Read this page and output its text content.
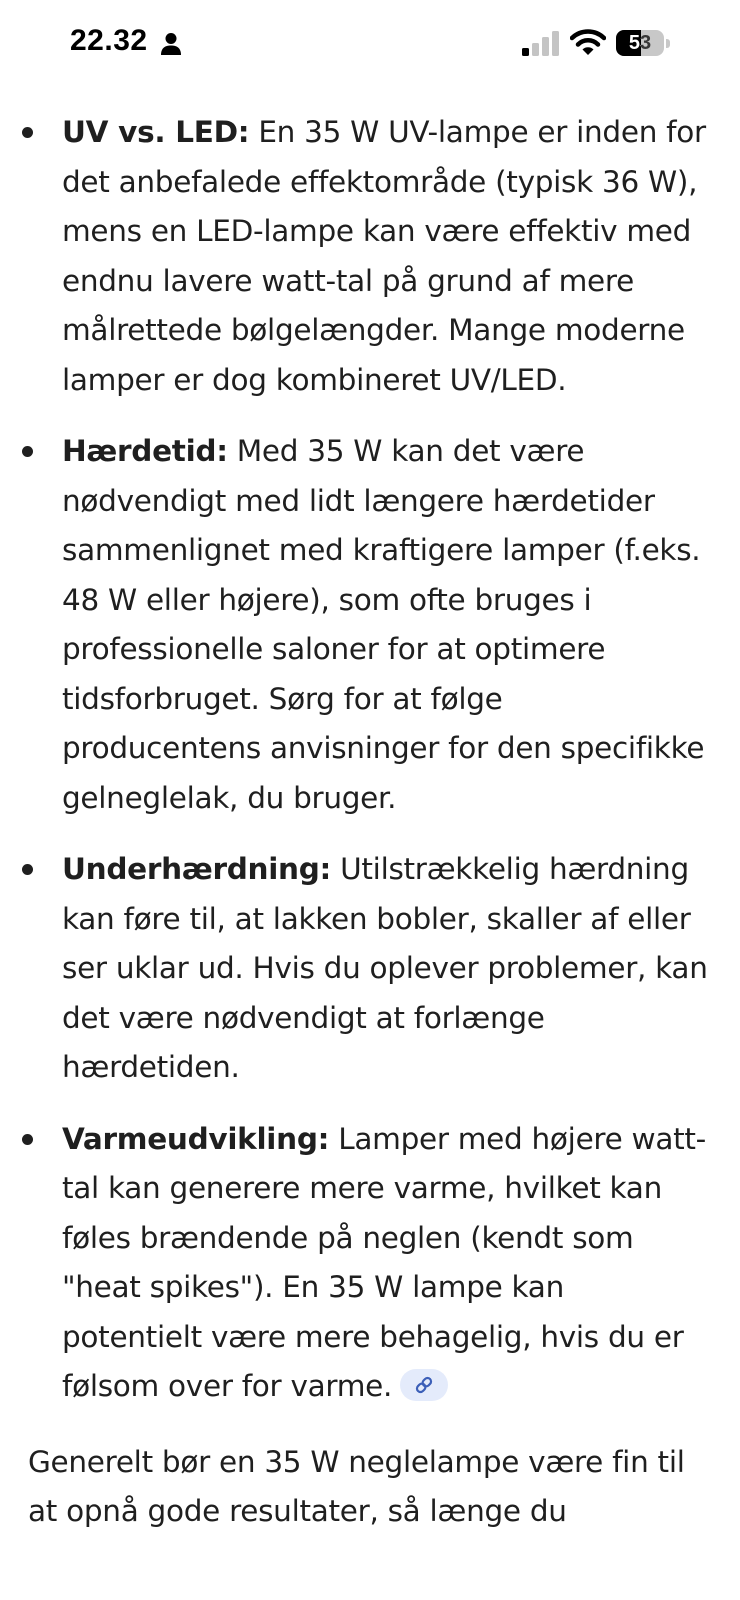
22.32	53
UV vs. LED: En 35 W UV-lampe er inden for det anbefalede effektområde (typisk 36 W), mens en LED-lampe kan være effektiv med endnu lavere watt-tal på grund af mere målrettede bølgelængder. Mange moderne lamper er dog kombineret UV/LED.
Hærdetid: Med 35 W kan det være nødvendigt med lidt længere hærdetider sammenlignet med kraftigere lamper (f.eks. 48 W eller højere), som ofte bruges i professionelle saloner for at optimere tidsforbruget. Sørg for at følge producentens anvisninger for den specifikke gelneglelak, du bruger.
Underhærdning: Utilstrækkelig hærdning kan føre til, at lakken bobler, skaller af eller ser uklar ud. Hvis du oplever problemer, kan det være nødvendigt at forlænge hærdetiden.
Varmeudvikling: Lamper med højere watt-tal kan generere mere varme, hvilket kan føles brændende på neglen (kendt som "heat spikes"). En 35 W lampe kan potentielt være mere behagelig, hvis du er følsom over for varme.

Generelt bør en 35 W neglelampe være fin til at opnå gode resultater, så længe du
